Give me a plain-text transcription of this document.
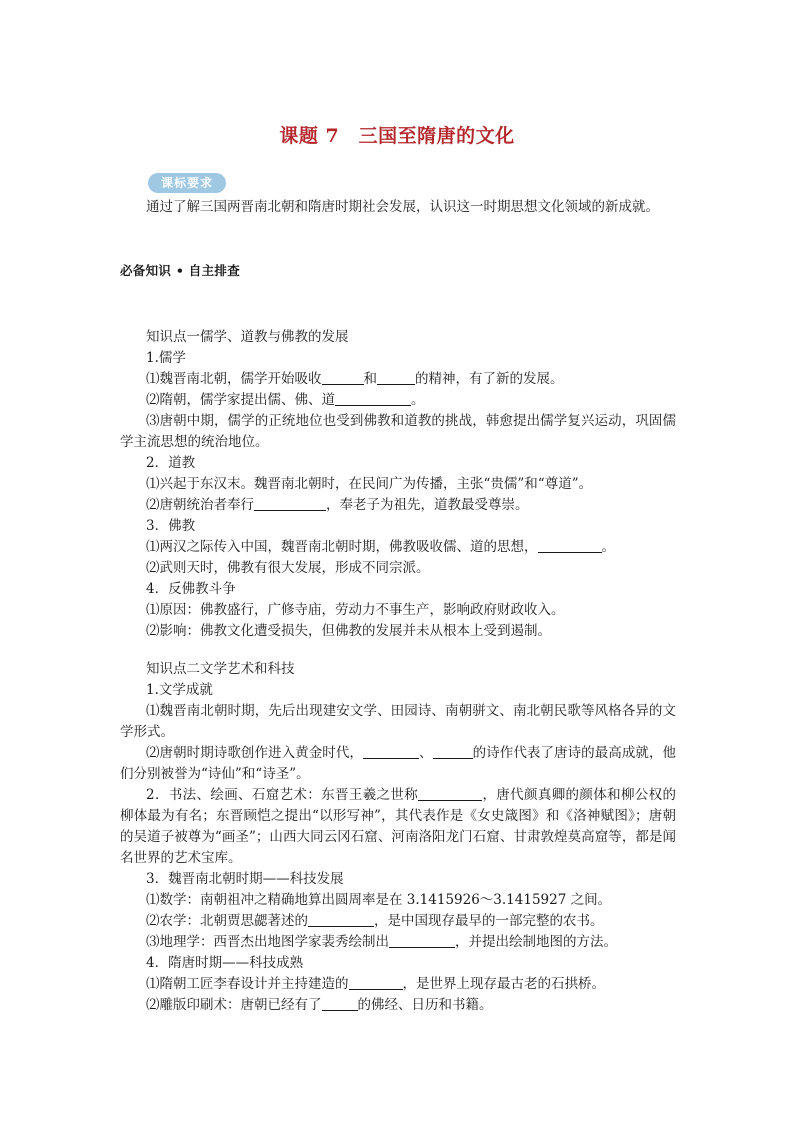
课题 7　三国至隋唐的文化
课标要求
通过了解三国两晋南北朝和隋唐时期社会发展，认识这一时期思想文化领域的新成就。
必备知识 • 自主排查
知识点一儒学、道教与佛教的发展
1.儒学
⑴魏晋南北朝，儒学开始吸收	和	的精神，有了新的发展。
⑵隋朝，儒学家提出儒、佛、道	。
⑶唐朝中期，儒学的正统地位也受到佛教和道教的挑战，韩愈提出儒学复兴运动，巩固儒学主流思想的统治地位。
2．道教
⑴兴起于东汉末。魏晋南北朝时，在民间广为传播，主张“贵儒”和“尊道”。
⑵唐朝统治者奉行	，奉老子为祖先，道教最受尊崇。
3．佛教
⑴两汉之际传入中国，魏晋南北朝时期，佛教吸收儒、道的思想，	。
⑵武则天时，佛教有很大发展，形成不同宗派。
4．反佛教斗争
⑴原因：佛教盛行，广修寺庙，劳动力不事生产，影响政府财政收入。
⑵影响：佛教文化遭受损失，但佛教的发展并未从根本上受到遏制。
知识点二文学艺术和科技
1.文学成就
⑴魏晋南北朝时期，先后出现建安文学、田园诗、南朝骈文、南北朝民歌等风格各异的文学形式。
⑵唐朝时期诗歌创作进入黄金时代，	、	的诗作代表了唐诗的最高成就，他们分别被誉为“诗仙”和“诗圣”。
2．书法、绘画、石窟艺术：东晋王羲之世称	，唐代颜真卿的颜体和柳公权的柳体最为有名；东晋顾恺之提出“以形写神”，其代表作是《女史箴图》和《洛神赋图》；唐朝的吴道子被尊为“画圣”；山西大同云冈石窟、河南洛阳龙门石窟、甘肃敦煌莫高窟等，都是闻名世界的艺术宝库。
3．魏晋南北朝时期——科技发展
⑴数学：南朝祖冲之精确地算出圆周率是在 3.1415926～3.1415927 之间。
⑵农学：北朝贾思勰著述的	，是中国现存最早的一部完整的农书。
⑶地理学：西晋杰出地图学家裴秀绘制出	，并提出绘制地图的方法。
4．隋唐时期——科技成熟
⑴隋朝工匠李春设计并主持建造的	，是世界上现存最古老的石拱桥。
⑵雕版印刷术：唐朝已经有了	的佛经、日历和书籍。
